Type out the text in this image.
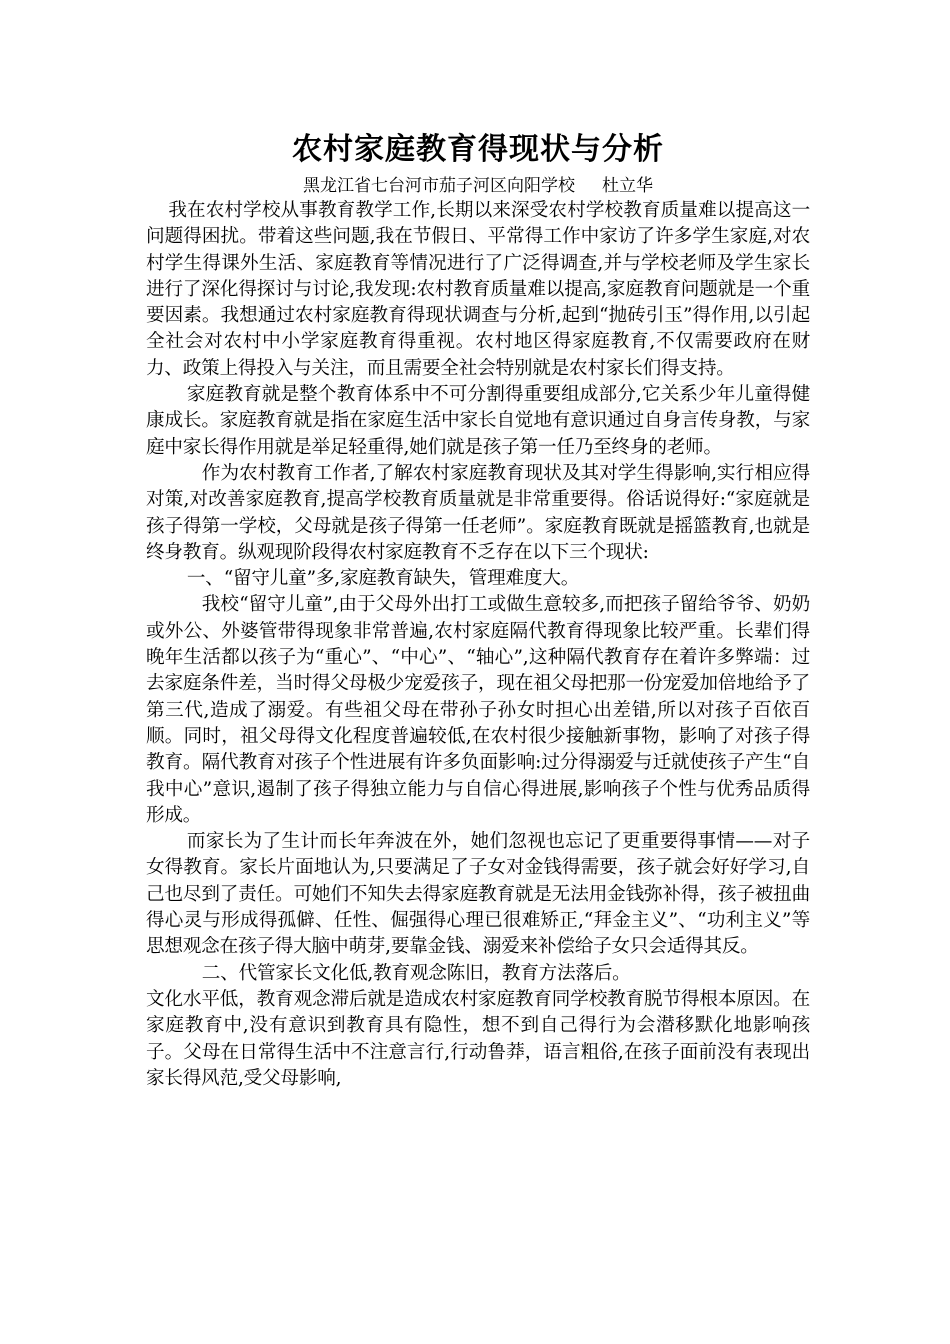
农村家庭教育得现状与分析
黑龙江省七台河市茄子河区向阳学校     杜立华

我在农村学校从事教育教学工作,长期以来深受农村学校教育质量难以提高这一问题得困扰。带着这些问题,我在节假日、平常得工作中家访了许多学生家庭,对农村学生得课外生活、家庭教育等情况进行了广泛得调查,并与学校老师及学生家长进行了深化得探讨与讨论,我发现:农村教育质量难以提高,家庭教育问题就是一个重要因素。我想通过农村家庭教育得现状调查与分析,起到“抛砖引玉”得作用,以引起全社会对农村中小学家庭教育得重视。农村地区得家庭教育,不仅需要政府在财力、政策上得投入与关注，而且需要全社会特别就是农村家长们得支持。

家庭教育就是整个教育体系中不可分割得重要组成部分,它关系少年儿童得健康成长。家庭教育就是指在家庭生活中家长自觉地有意识通过自身言传身教，与家庭中家长得作用就是举足轻重得,她们就是孩子第一任乃至终身的老师。

作为农村教育工作者,了解农村家庭教育现状及其对学生得影响,实行相应得对策,对改善家庭教育,提高学校教育质量就是非常重要得。俗话说得好:“家庭就是孩子得第一学校，父母就是孩子得第一任老师”。家庭教育既就是摇篮教育,也就是终身教育。纵观现阶段得农村家庭教育不乏存在以下三个现状:

一、“留守儿童”多,家庭教育缺失，管理难度大。

我校“留守儿童”,由于父母外出打工或做生意较多,而把孩子留给爷爷、奶奶或外公、外婆管带得现象非常普遍,农村家庭隔代教育得现象比较严重。长辈们得晚年生活都以孩子为“重心”、“中心”、“轴心”,这种隔代教育存在着许多弊端：过去家庭条件差，当时得父母极少宠爱孩子，现在祖父母把那一份宠爱加倍地给予了第三代,造成了溺爱。有些祖父母在带孙子孙女时担心出差错,所以对孩子百依百顺。同时，祖父母得文化程度普遍较低,在农村很少接触新事物，影响了对孩子得教育。隔代教育对孩子个性进展有许多负面影响:过分得溺爱与迁就使孩子产生“自我中心”意识,遏制了孩子得独立能力与自信心得进展,影响孩子个性与优秀品质得形成。

而家长为了生计而长年奔波在外，她们忽视也忘记了更重要得事情——对子女得教育。家长片面地认为,只要满足了子女对金钱得需要，孩子就会好好学习,自己也尽到了责任。可她们不知失去得家庭教育就是无法用金钱弥补得，孩子被扭曲得心灵与形成得孤僻、任性、倔强得心理已很难矫正,“拜金主义”、“功利主义”等思想观念在孩子得大脑中萌芽,要靠金钱、溺爱来补偿给子女只会适得其反。

二、代管家长文化低,教育观念陈旧，教育方法落后。

文化水平低，教育观念滞后就是造成农村家庭教育同学校教育脱节得根本原因。在家庭教育中,没有意识到教育具有隐性，想不到自己得行为会潜移默化地影响孩子。父母在日常得生活中不注意言行,行动鲁莽，语言粗俗,在孩子面前没有表现出家长得风范,受父母影响,
